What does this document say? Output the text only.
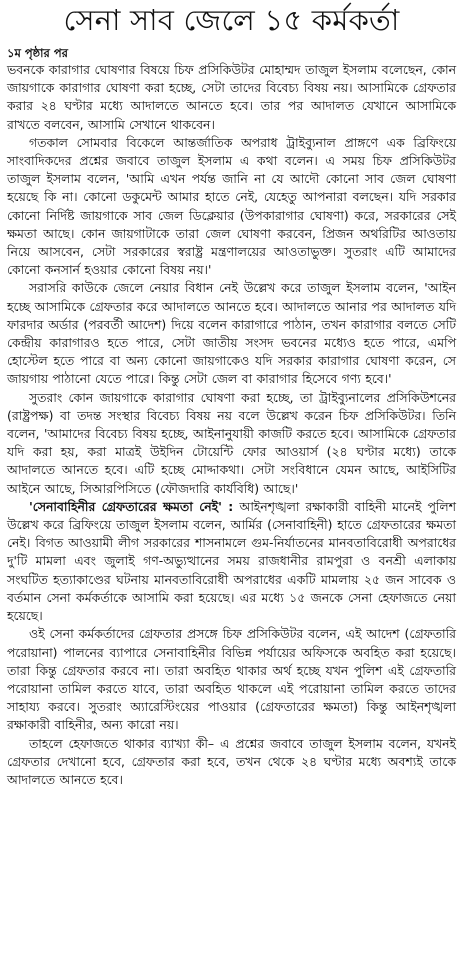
সেনা সাব জেলে ১৫ কর্মকর্তা
১ম পৃষ্ঠার পর

ভবনকে কারাগার ঘোষণার বিষয়ে চিফ প্রসিকিউটর মোহাম্মদ তাজুল ইসলাম বলেছেন, কোন জায়গাকে কারাগার ঘোষণা করা হচ্ছে, সেটা তাদের বিবেচ্য বিষয় নয়। আসামিকে গ্রেফতার করার ২৪ ঘণ্টার মধ্যে আদালতে আনতে হবে। তার পর আদালত যেখানে আসামিকে রাখতে বলবেন, আসামি সেখানে থাকবেন।

গতকাল সোমবার বিকেলে আন্তর্জাতিক অপরাধ ট্রাইব্যুনাল প্রাঙ্গণে এক ব্রিফিংয়ে সাংবাদিকদের প্রশ্নের জবাবে তাজুল ইসলাম এ কথা বলেন। এ সময় চিফ প্রসিকিউটর তাজুল ইসলাম বলেন, 'আমি এখন পর্যন্ত জানি না যে আদৌ কোনো সাব জেল ঘোষণা হয়েছে কি না। কোনো ডকুমেন্ট আমার হাতে নেই, যেহেতু আপনারা বলছেন। যদি সরকার কোনো নির্দিষ্ট জায়গাকে সাব জেল ডিক্লেয়ার (উপকারাগার ঘোষণা) করে, সরকারের সেই ক্ষমতা আছে। কোন জায়গাটাকে তারা জেল ঘোষণা করবেন, প্রিজন অথরিটির আওতায় নিয়ে আসবেন, সেটা সরকারের স্বরাষ্ট্র মন্ত্রণালয়ের আওতাভুক্ত। সুতরাং এটি আমাদের কোনো কনসার্ন হওয়ার কোনো বিষয় নয়।'

সরাসরি কাউকে জেলে নেয়ার বিধান নেই উল্লেখ করে তাজুল ইসলাম বলেন, 'আইন হচ্ছে আসামিকে গ্রেফতার করে আদালতে আনতে হবে। আদালতে আনার পর আদালত যদি ফারদার অর্ডার (পরবর্তী আদেশ) দিয়ে বলেন কারাগারে পাঠান, তখন কারাগার বলতে সেটি কেন্দ্রীয় কারাগারও হতে পারে, সেটা জাতীয় সংসদ ভবনের মধ্যেও হতে পারে, এমপি হোস্টেল হতে পারে বা অন্য কোনো জায়গাকেও যদি সরকার কারাগার ঘোষণা করেন, সে জায়গায় পাঠানো যেতে পারে। কিন্তু সেটা জেল বা কারাগার হিসেবে গণ্য হবে।'

সুতরাং কোন জায়গাকে কারাগার ঘোষণা করা হচ্ছে, তা ট্রাইব্যুনালের প্রসিকিউশনের (রাষ্ট্রপক্ষ) বা তদন্ত সংস্থার বিবেচ্য বিষয় নয় বলে উল্লেখ করেন চিফ প্রসিকিউটর। তিনি বলেন, 'আমাদের বিবেচ্য বিষয় হচ্ছে, আইনানুযায়ী কাজটি করতে হবে। আসামিকে গ্রেফতার যদি করা হয়, করা মাত্রই উইদিন টোয়েন্টি ফোর আওয়ার্স (২৪ ঘণ্টার মধ্যে) তাকে আদালতে আনতে হবে। এটি হচ্ছে মোদ্দাকথা। সেটা সংবিধানে যেমন আছে, আইসিটির আইনে আছে, সিআরপিসিতে (ফৌজদারি কার্যবিধি) আছে।'

'সেনাবাহিনীর গ্রেফতারের ক্ষমতা নেই' : আইনশৃঙ্খলা রক্ষাকারী বাহিনী মানেই পুলিশ উল্লেখ করে ব্রিফিংয়ে তাজুল ইসলাম বলেন, আর্মির (সেনাবাহিনী) হাতে গ্রেফতারের ক্ষমতা নেই। বিগত আওয়ামী লীগ সরকারের শাসনামলে গুম-নির্যাতনের মানবতাবিরোধী অপরাধের দু'টি মামলা এবং জুলাই গণ-অভ্যুত্থানের সময় রাজধানীর রামপুরা ও বনশ্রী এলাকায় সংঘটিত হত্যাকাণ্ডের ঘটনায় মানবতাবিরোধী অপরাধের একটি মামলায় ২৫ জন সাবেক ও বর্তমান সেনা কর্মকর্তাকে আসামি করা হয়েছে। এর মধ্যে ১৫ জনকে সেনা হেফাজতে নেয়া হয়েছে।

ওই সেনা কর্মকর্তাদের গ্রেফতার প্রসঙ্গে চিফ প্রসিকিউটর বলেন, এই আদেশ (গ্রেফতারি পরোয়ানা) পালনের ব্যাপারে সেনাবাহিনীর বিভিন্ন পর্যায়ের অফিসকে অবহিত করা হয়েছে। তারা কিন্তু গ্রেফতার করবে না। তারা অবহিত থাকার অর্থ হচ্ছে যখন পুলিশ এই গ্রেফতারি পরোয়ানা তামিল করতে যাবে, তারা অবহিত থাকলে এই পরোয়ানা তামিল করতে তাদের সাহায্য করবে। সুতরাং অ্যারেস্টিংয়ের পাওয়ার (গ্রেফতারের ক্ষমতা) কিন্তু আইনশৃঙ্খলা রক্ষাকারী বাহিনীর, অন্য কারো নয়।

তাহলে হেফাজতে থাকার ব্যাখ্যা কী– এ প্রশ্নের জবাবে তাজুল ইসলাম বলেন, যখনই গ্রেফতার দেখানো হবে, গ্রেফতার করা হবে, তখন থেকে ২৪ ঘণ্টার মধ্যে অবশ্যই তাকে আদালতে আনতে হবে।
